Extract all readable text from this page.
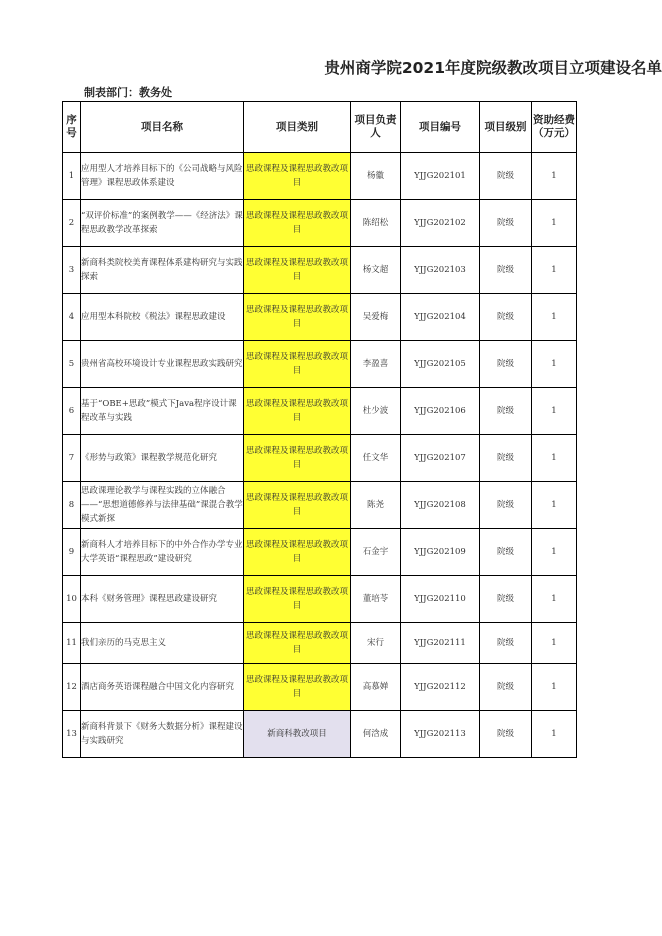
贵州商学院2021年度院级教改项目立项建设名单
制表部门：教务处
序号	项目名称	项目类别	项目负责人	项目编号	项目级别	资助经费（万元）
1	应用型人才培养目标下的《公司战略与风险管理》课程思政体系建设	思政课程及课程思政教改项目	杨徽	YJJG202101	院级	1
2	“双评价标准”的案例教学——《经济法》课程思政教学改革探索	思政课程及课程思政教改项目	陈绍松	YJJG202102	院级	1
3	新商科类院校美育课程体系建构研究与实践探索	思政课程及课程思政教改项目	杨文超	YJJG202103	院级	1
4	应用型本科院校《税法》课程思政建设	思政课程及课程思政教改项目	吴爱梅	YJJG202104	院级	1
5	贵州省高校环境设计专业课程思政实践研究	思政课程及课程思政教改项目	李盈喜	YJJG202105	院级	1
6	基于“OBE+思政”模式下Java程序设计课程改革与实践	思政课程及课程思政教改项目	杜少波	YJJG202106	院级	1
7	《形势与政策》课程教学规范化研究	思政课程及课程思政教改项目	任文华	YJJG202107	院级	1
8	思政课理论教学与课程实践的立体融合——“思想道德修养与法律基础”课混合教学模式新探	思政课程及课程思政教改项目	陈尧	YJJG202108	院级	1
9	新商科人才培养目标下的中外合作办学专业大学英语“课程思政”建设研究	思政课程及课程思政教改项目	石金宇	YJJG202109	院级	1
10	本科《财务管理》课程思政建设研究	思政课程及课程思政教改项目	董培苓	YJJG202110	院级	1
11	我们亲历的马克思主义	思政课程及课程思政教改项目	宋行	YJJG202111	院级	1
12	酒店商务英语课程融合中国文化内容研究	思政课程及课程思政教改项目	高慕婵	YJJG202112	院级	1
13	新商科背景下《财务大数据分析》课程建设与实践研究	新商科教改项目	何浛成	YJJG202113	院级	1
